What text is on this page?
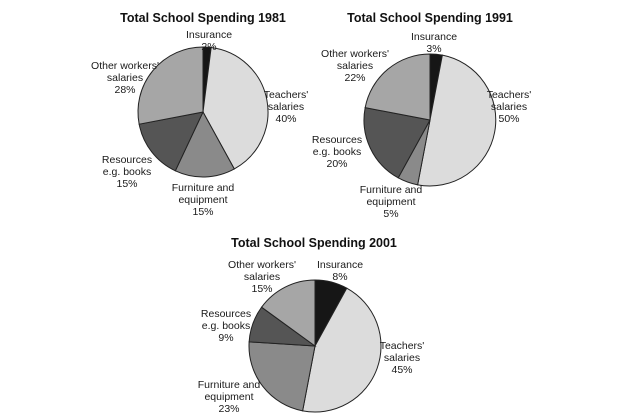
Total School Spending 1981
Insurance 2%
Teachers' salaries 40%
Furniture and equipment 15%
Resources e.g. books 15%
Other workers' salaries 28%
Total School Spending 1991
Insurance 3%
Teachers' salaries 50%
Furniture and equipment 5%
Resources e.g. books 20%
Other workers' salaries 22%
Total School Spending 2001
Insurance 8%
Teachers' salaries 45%
Furniture and equipment 23%
Resources e.g. books 9%
Other workers' salaries 15%
